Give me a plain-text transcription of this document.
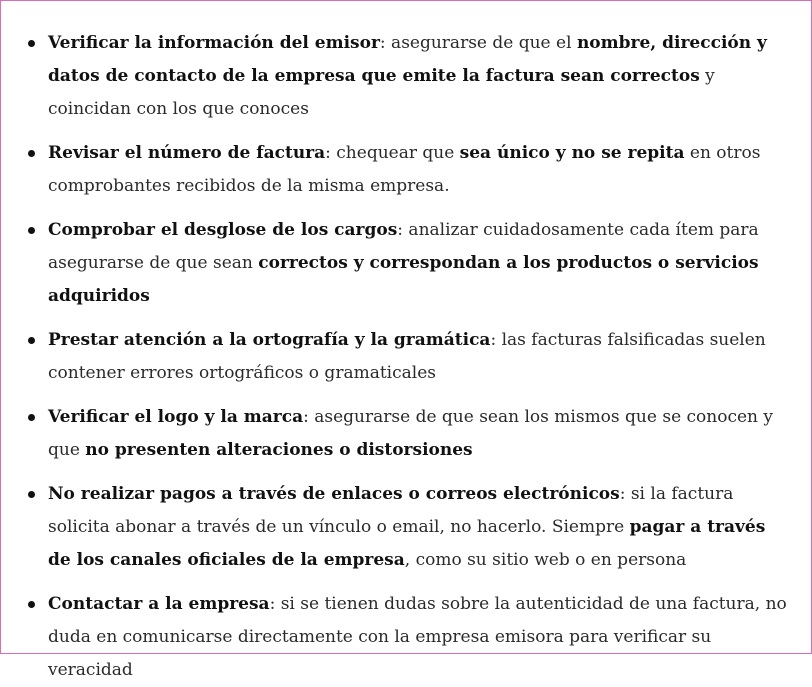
Verificar la información del emisor: asegurarse de que el nombre, dirección y datos de contacto de la empresa que emite la factura sean correctos y coincidan con los que conoces
Revisar el número de factura: chequear que sea único y no se repita en otros comprobantes recibidos de la misma empresa.
Comprobar el desglose de los cargos: analizar cuidadosamente cada ítem para asegurarse de que sean correctos y correspondan a los productos o servicios adquiridos
Prestar atención a la ortografía y la gramática: las facturas falsificadas suelen contener errores ortográficos o gramaticales
Verificar el logo y la marca: asegurarse de que sean los mismos que se conocen y que no presenten alteraciones o distorsiones
No realizar pagos a través de enlaces o correos electrónicos: si la factura solicita abonar a través de un vínculo o email, no hacerlo. Siempre pagar a través de los canales oficiales de la empresa, como su sitio web o en persona
Contactar a la empresa: si se tienen dudas sobre la autenticidad de una factura, no duda en comunicarse directamente con la empresa emisora para verificar su veracidad
